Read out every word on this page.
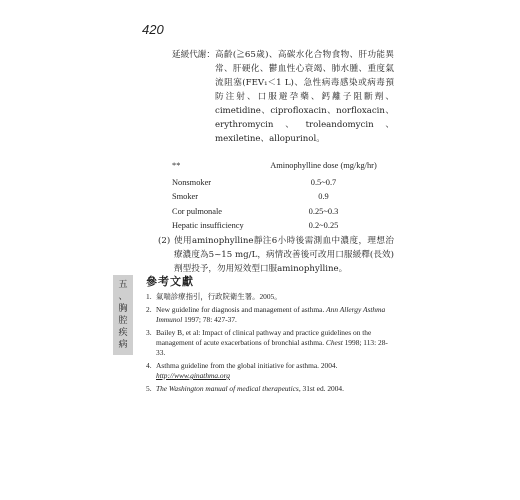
420
延緩代謝： 高齡(≧65歲)、高碳水化合物食物、肝功能異常、肝硬化、鬱血性心衰竭、肺水腫、重度氣流阻塞(FEV₁＜1 L)、急性病毒感染或病毒預防注射、口服避孕藥、鈣離子阻斷劑、cimetidine、ciprofloxacin、norfloxacin、erythromycin、troleandomycin、mexiletine、allopurinol。
**	Aminophylline dose (mg/kg/hr)
Nonsmoker	0.5~0.7
Smoker	0.9
Cor pulmonale	0.25~0.3
Hepatic insufficiency	0.2~0.25
(2) 使用aminophylline靜注6小時後需測血中濃度，理想治療濃度為5~15 mg/L，病情改善後可改用口服緩釋(長效)劑型投予，勿用短效型口服aminophylline。
五
、
胸
腔
疾
病
參考文獻
1. 氣喘診療指引，行政院衛生署。2005。
2. New guideline for diagnosis and management of asthma. Ann Allergy Asthma Immunol 1997; 78: 427-37.
3. Bailey B, et al: Impact of clinical pathway and practice guidelines on the management of acute exacerbations of bronchial asthma. Chest 1998; 113: 28-33.
4. Asthma guideline from the global initiative for asthma. 2004. http://www.ginathma.org
5. The Washington manual of medical therapeutics, 31st ed. 2004.
